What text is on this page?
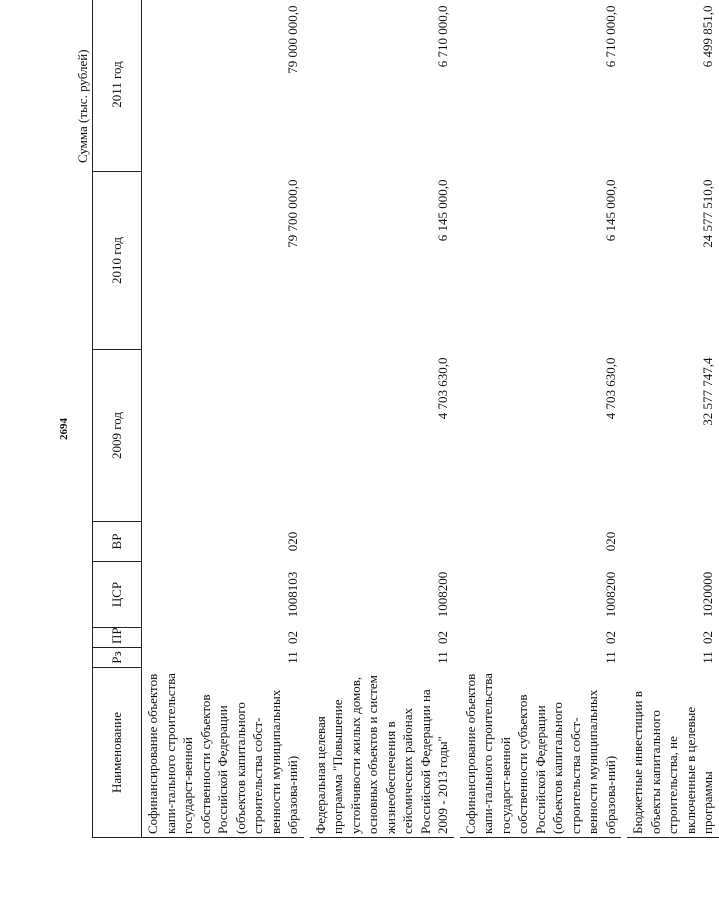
2694
Сумма (тыс. рублей)
Наименование	Рз	ПР	ЦСР	ВР	2009 год	2010 год	2011 год
Софинансирование объектов капи-тального строительства государст-венной собственности субъектов Российской Федерации (объектов капитального строительства собст-венности муниципальных образова-ний)	11	02	1008103	020		79 700 000,0	79 000 000,0

Федеральная целевая программа "Повышение устойчивости жилых домов, основных объектов и систем жизнеобеспечения в сейсмических районах Российской Федерации на 2009 - 2013 годы"	11	02	1008200		4 703 630,0	6 145 000,0	6 710 000,0

Софинансирование объектов капи-тального строительства государст-венной собственности субъектов Российской Федерации (объектов капитального строительства собст-венности муниципальных образова-ний)	11	02	1008200	020	4 703 630,0	6 145 000,0	6 710 000,0

Бюджетные инвестиции в объекты капитального строительства, не включенные в целевые программы	11	02	1020000		32 577 747,4	24 577 510,0	6 499 851,0
